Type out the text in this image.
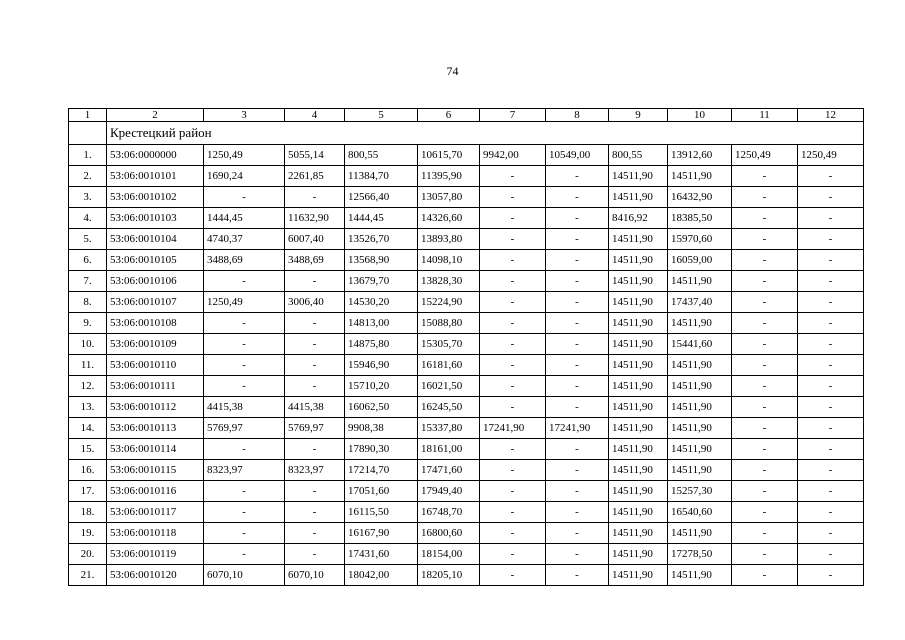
74
1	2	3	4	5	6	7	8	9	10	11	12
	Крестецкий район										
1.	53:06:0000000	1250,49	5055,14	800,55	10615,70	9942,00	10549,00	800,55	13912,60	1250,49	1250,49
2.	53:06:0010101	1690,24	2261,85	11384,70	11395,90	-	-	14511,90	14511,90	-	-
3.	53:06:0010102	-	-	12566,40	13057,80	-	-	14511,90	16432,90	-	-
4.	53:06:0010103	1444,45	11632,90	1444,45	14326,60	-	-	8416,92	18385,50	-	-
5.	53:06:0010104	4740,37	6007,40	13526,70	13893,80	-	-	14511,90	15970,60	-	-
6.	53:06:0010105	3488,69	3488,69	13568,90	14098,10	-	-	14511,90	16059,00	-	-
7.	53:06:0010106	-	-	13679,70	13828,30	-	-	14511,90	14511,90	-	-
8.	53:06:0010107	1250,49	3006,40	14530,20	15224,90	-	-	14511,90	17437,40	-	-
9.	53:06:0010108	-	-	14813,00	15088,80	-	-	14511,90	14511,90	-	-
10.	53:06:0010109	-	-	14875,80	15305,70	-	-	14511,90	15441,60	-	-
11.	53:06:0010110	-	-	15946,90	16181,60	-	-	14511,90	14511,90	-	-
12.	53:06:0010111	-	-	15710,20	16021,50	-	-	14511,90	14511,90	-	-
13.	53:06:0010112	4415,38	4415,38	16062,50	16245,50	-	-	14511,90	14511,90	-	-
14.	53:06:0010113	5769,97	5769,97	9908,38	15337,80	17241,90	17241,90	14511,90	14511,90	-	-
15.	53:06:0010114	-	-	17890,30	18161,00	-	-	14511,90	14511,90	-	-
16.	53:06:0010115	8323,97	8323,97	17214,70	17471,60	-	-	14511,90	14511,90	-	-
17.	53:06:0010116	-	-	17051,60	17949,40	-	-	14511,90	15257,30	-	-
18.	53:06:0010117	-	-	16115,50	16748,70	-	-	14511,90	16540,60	-	-
19.	53:06:0010118	-	-	16167,90	16800,60	-	-	14511,90	14511,90	-	-
20.	53:06:0010119	-	-	17431,60	18154,00	-	-	14511,90	17278,50	-	-
21.	53:06:0010120	6070,10	6070,10	18042,00	18205,10	-	-	14511,90	14511,90	-	-
